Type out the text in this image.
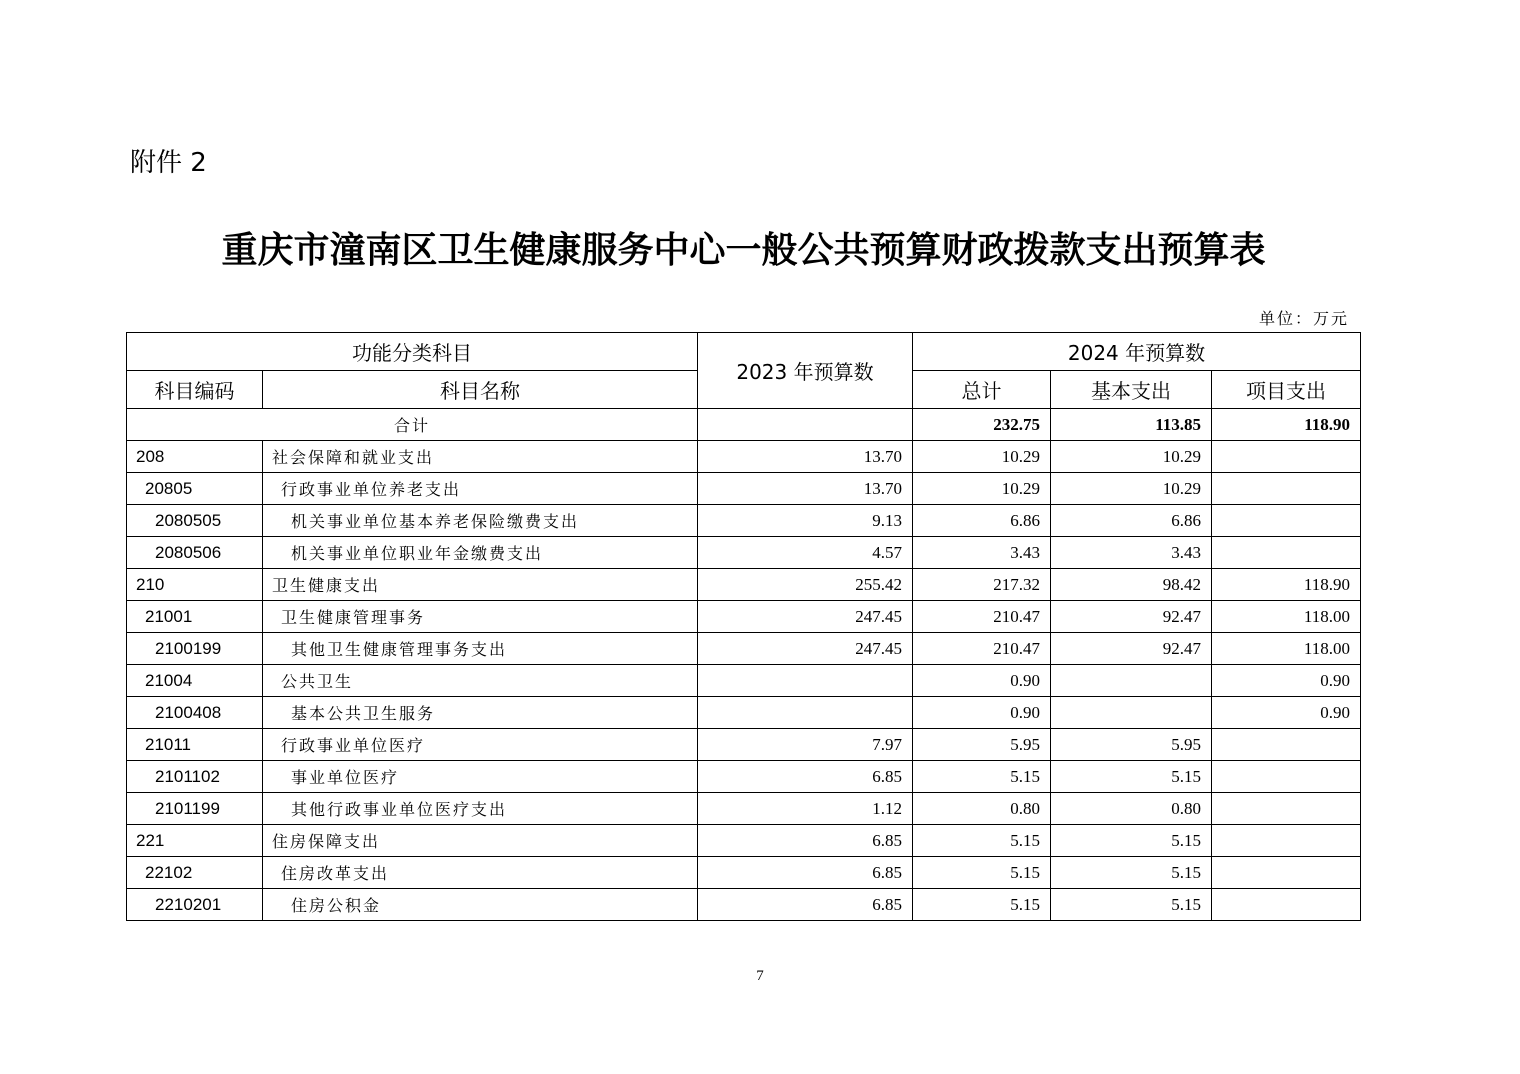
附件 2
重庆市潼南区卫生健康服务中心一般公共预算财政拨款支出预算表
单位：万元
功能分类科目		2023 年预算数	2024 年预算数		
科目编码	科目名称		总计	基本支出	项目支出
合计			232.75	113.85	118.90
208	社会保障和就业支出	13.70	10.29	10.29	
20805	行政事业单位养老支出	13.70	10.29	10.29	
2080505	机关事业单位基本养老保险缴费支出	9.13	6.86	6.86	
2080506	机关事业单位职业年金缴费支出	4.57	3.43	3.43	
210	卫生健康支出	255.42	217.32	98.42	118.90
21001	卫生健康管理事务	247.45	210.47	92.47	118.00
2100199	其他卫生健康管理事务支出	247.45	210.47	92.47	118.00
21004	公共卫生		0.90		0.90
2100408	基本公共卫生服务		0.90		0.90
21011	行政事业单位医疗	7.97	5.95	5.95	
2101102	事业单位医疗	6.85	5.15	5.15	
2101199	其他行政事业单位医疗支出	1.12	0.80	0.80	
221	住房保障支出	6.85	5.15	5.15	
22102	住房改革支出	6.85	5.15	5.15	
2210201	住房公积金	6.85	5.15	5.15	
7
